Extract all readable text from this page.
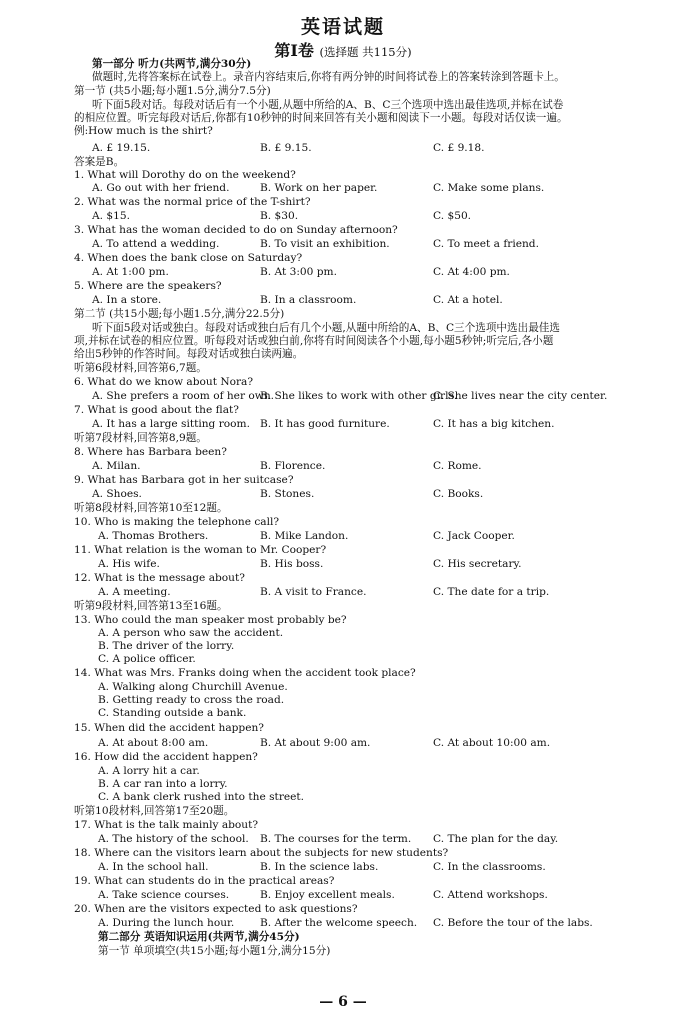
英语试题
第Ⅰ卷 (选择题 共115分)
第一部分 听力(共两节,满分30分)
做题时,先将答案标在试卷上。录音内容结束后,你将有两分钟的时间将试卷上的答案转涂到答题卡上。
第一节 (共5小题;每小题1.5分,满分7.5分)
听下面5段对话。每段对话后有一个小题,从题中所给的A、B、C三个选项中选出最佳选项,并标在试卷
的相应位置。听完每段对话后,你都有10秒钟的时间来回答有关小题和阅读下一小题。每段对话仅读一遍。
例:How much is the shirt?
A. £ 19.15.	B. £ 9.15.	C. £ 9.18.
答案是B。
1. What will Dorothy do on the weekend?
A. Go out with her friend.	B. Work on her paper.	C. Make some plans.
2. What was the normal price of the T-shirt?
A. $15.	B. $30.	C. $50.
3. What has the woman decided to do on Sunday afternoon?
A. To attend a wedding.	B. To visit an exhibition.	C. To meet a friend.
4. When does the bank close on Saturday?
A. At 1:00 pm.	B. At 3:00 pm.	C. At 4:00 pm.
5. Where are the speakers?
A. In a store.	B. In a classroom.	C. At a hotel.
第二节 (共15小题;每小题1.5分,满分22.5分)
听下面5段对话或独白。每段对话或独白后有几个小题,从题中所给的A、B、C三个选项中选出最佳选
项,并标在试卷的相应位置。听每段对话或独白前,你将有时间阅读各个小题,每小题5秒钟;听完后,各小题
给出5秒钟的作答时间。每段对话或独白读两遍。
听第6段材料,回答第6,7题。
6. What do we know about Nora?
A. She prefers a room of her own.
B. She likes to work with other girls.
C. She lives near the city center.
7. What is good about the flat?
A. It has a large sitting room. B. It has good furniture.	C. It has a big kitchen.
听第7段材料,回答第8,9题。
8. Where has Barbara been?
A. Milan.	B. Florence.	C. Rome.
9. What has Barbara got in her suitcase?
A. Shoes.	B. Stones.	C. Books.
听第8段材料,回答第10至12题。
10. Who is making the telephone call?
A. Thomas Brothers.	B. Mike Landon.	C. Jack Cooper.
11. What relation is the woman to Mr. Cooper?
A. His wife.	B. His boss.	C. His secretary.
12. What is the message about?
A. A meeting.	B. A visit to France.	C. The date for a trip.
听第9段材料,回答第13至16题。
13. Who could the man speaker most probably be?
A. A person who saw the accident.
B. The driver of the lorry.
C. A police officer.
14. What was Mrs. Franks doing when the accident took place?
A. Walking along Churchill Avenue.
B. Getting ready to cross the road.
C. Standing outside a bank.
15. When did the accident happen?
A. At about 8:00 am.	B. At about 9:00 am.	C. At about 10:00 am.
16. How did the accident happen?
A. A lorry hit a car.
B. A car ran into a lorry.
C. A bank clerk rushed into the street.
听第10段材料,回答第17至20题。
17. What is the talk mainly about?
A. The history of the school. B. The courses for the term. C. The plan for the day.
18. Where can the visitors learn about the subjects for new students?
A. In the school hall.	B. In the science labs.	C. In the classrooms.
19. What can students do in the practical areas?
A. Take science courses.	B. Enjoy excellent meals.	C. Attend workshops.
20. When are the visitors expected to ask questions?
A. During the lunch hour. B. After the welcome speech. C. Before the tour of the labs.
第二部分 英语知识运用(共两节,满分45分)
第一节 单项填空(共15小题;每小题1分,满分15分)
— 6 —
